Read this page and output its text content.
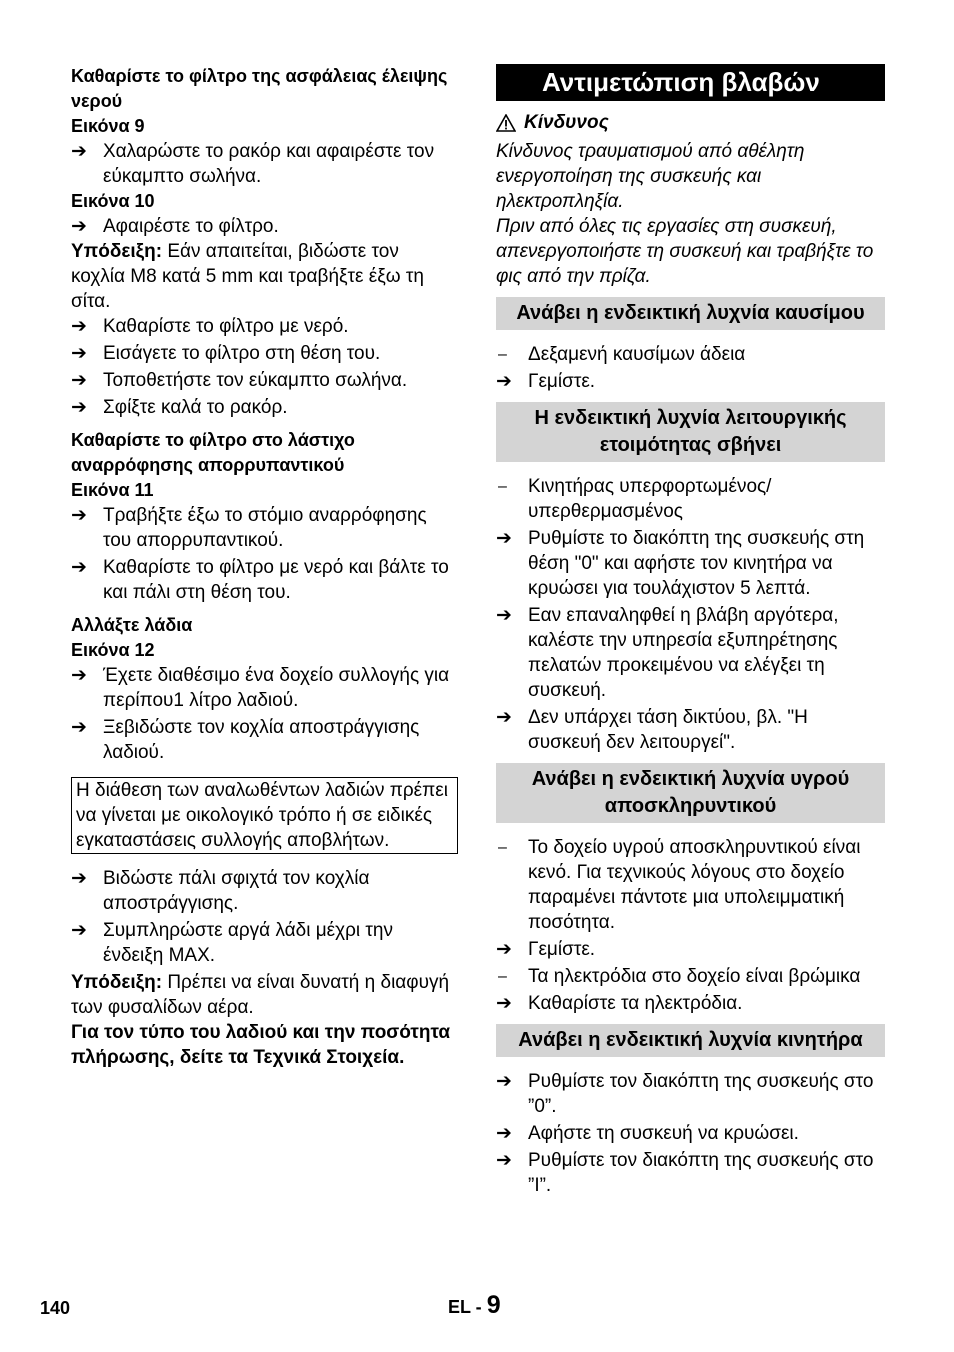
Καθαρίστε το φίλτρο της ασφάλειας έλειψης νερού
Εικόνα 9
➔ Χαλαρώστε το ρακόρ και αφαιρέστε τον εύκαμπτο σωλήνα.
Εικόνα 10
➔ Αφαιρέστε το φίλτρο.
Υπόδειξη: Εάν απαιτείται, βιδώστε τον κοχλία M8 κατά 5 mm και τραβήξτε έξω τη σίτα.
➔ Καθαρίστε το φίλτρο με νερό.
➔ Εισάγετε το φίλτρο στη θέση του.
➔ Τοποθετήστε τον εύκαμπτο σωλήνα.
➔ Σφίξτε καλά το ρακόρ.
Καθαρίστε το φίλτρο στο λάστιχο αναρρόφησης απορρυπαντικού
Εικόνα 11
➔ Τραβήξτε έξω το στόμιο αναρρόφησης του απορρυπαντικού.
➔ Καθαρίστε το φίλτρο με νερό και βάλτε το και πάλι στη θέση του.
Αλλάξτε λάδια
Εικόνα 12
➔ Έχετε διαθέσιμο ένα δοχείο συλλογής για περίπου1 λίτρο λαδιού.
➔ Ξεβιδώστε τον κοχλία αποστράγγισης λαδιού.
Η διάθεση των αναλωθέντων λαδιών πρέπει να γίνεται με οικολογικό τρόπο ή σε ειδικές εγκαταστάσεις συλλογής αποβλήτων.
➔ Βιδώστε πάλι σφιχτά τον κοχλία αποστράγγισης.
➔ Συμπληρώστε αργά λάδι μέχρι την ένδειξη MAX.
Υπόδειξη: Πρέπει να είναι δυνατή η διαφυγή των φυσαλίδων αέρα.
Για τον τύπο του λαδιού και την ποσότητα πλήρωσης, δείτε τα Τεχνικά Στοιχεία.
Αντιμετώπιση βλαβών
Κίνδυνος
Κίνδυνος τραυματισμού από αθέλητη ενεργοποίηση της συσκευής και ηλεκτροπληξία.
Πριν από όλες τις εργασίες στη συσκευή, απενεργοποιήστε τη συσκευή και τραβήξτε το φις από την πρίζα.
Ανάβει η ενδεικτική λυχνία καυσίμου
–	Δεξαμενή καυσίμων άδεια
➔ Γεμίστε.
Η ενδεικτική λυχνία λειτουργικής ετοιμότητας σβήνει
–	Κινητήρας υπερφορτωμένος/ υπερθερμασμένος
➔ Ρυθμίστε το διακόπτη της συσκευής στη θέση "0" και αφήστε τον κινητήρα να κρυώσει για τουλάχιστον 5 λεπτά.
➔ Εαν επαναληφθεί η βλάβη αργότερα, καλέστε την υπηρεσία εξυπηρέτησης πελατών προκειμένου να ελέγξει τη συσκευή.
➔ Δεν υπάρχει τάση δικτύου, βλ. "Η συσκευή δεν λειτουργεί".
Ανάβει η ενδεικτική λυχνία υγρού αποσκληρυντικού
–	Το δοχείο υγρού αποσκληρυντικού είναι κενό. Για τεχνικούς λόγους στο δοχείο παραμένει πάντοτε μια υπολειμματική ποσότητα.
➔ Γεμίστε.
–	Τα ηλεκτρόδια στο δοχείο είναι βρώμικα
➔ Καθαρίστε τα ηλεκτρόδια.
Ανάβει η ενδεικτική λυχνία κινητήρα
➔ Ρυθμίστε τον διακόπτη της συσκευής στο ”0”.
➔ Αφήστε τη συσκευή να κρυώσει.
➔ Ρυθμίστε τον διακόπτη της συσκευής στο ”I”.
140	EL - 9
